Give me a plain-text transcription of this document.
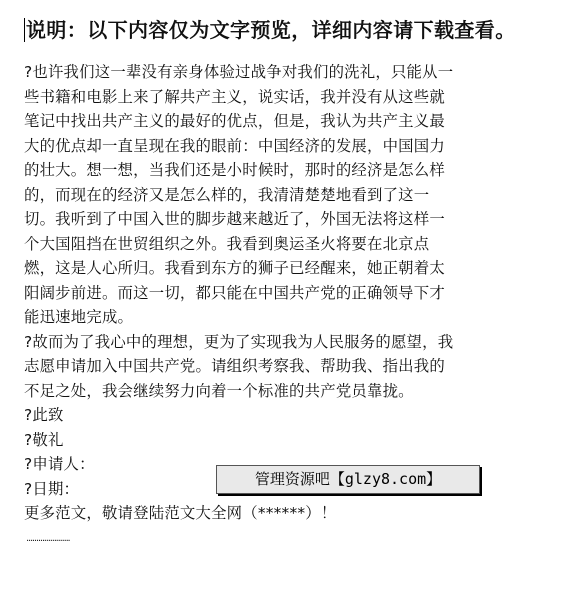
说明：以下内容仅为文字预览，详细内容请下载查看。
?也许我们这一辈没有亲身体验过战争对我们的洗礼，只能从一
些书籍和电影上来了解共产主义，说实话，我并没有从这些就
笔记中找出共产主义的最好的优点，但是，我认为共产主义最
大的优点却一直呈现在我的眼前：中国经济的发展，中国国力
的壮大。想一想，当我们还是小时候时，那时的经济是怎么样
的，而现在的经济又是怎么样的，我清清楚楚地看到了这一
切。我听到了中国入世的脚步越来越近了，外国无法将这样一
个大国阻挡在世贸组织之外。我看到奥运圣火将要在北京点
燃，这是人心所归。我看到东方的狮子已经醒来，她正朝着太
阳阔步前进。而这一切，都只能在中国共产党的正确领导下才
能迅速地完成。
?故而为了我心中的理想，更为了实现我为人民服务的愿望，我
志愿申请加入中国共产党。请组织考察我、帮助我、指出我的
不足之处，我会继续努力向着一个标准的共产党员靠拢。
?此致
?敬礼
?申请人：
?日期：
更多范文，敬请登陆范文大全网（******）！
······················
管理资源吧【glzy8.com】
